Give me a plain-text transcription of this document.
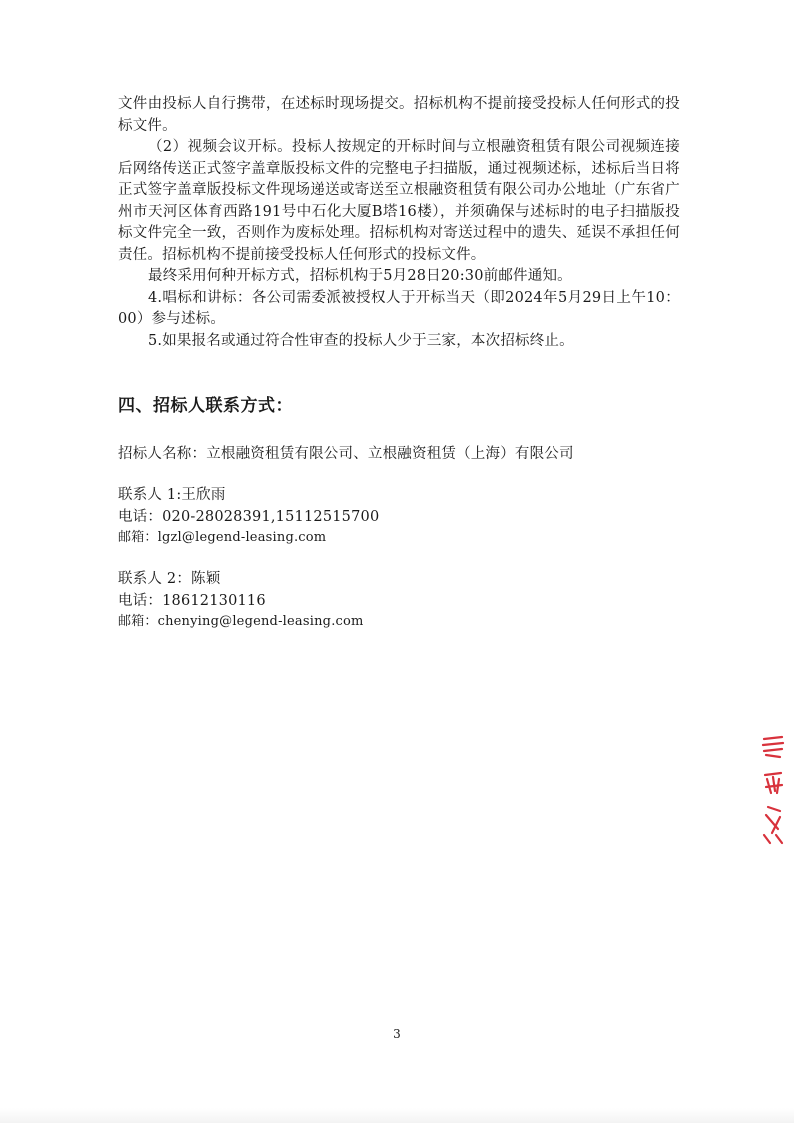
文件由投标人自行携带，在述标时现场提交。招标机构不提前接受投标人任何形式的投标文件。

（2）视频会议开标。投标人按规定的开标时间与立根融资租赁有限公司视频连接后网络传送正式签字盖章版投标文件的完整电子扫描版，通过视频述标，述标后当日将正式签字盖章版投标文件现场递送或寄送至立根融资租赁有限公司办公地址（广东省广州市天河区体育西路191号中石化大厦B塔16楼），并须确保与述标时的电子扫描版投标文件完全一致，否则作为废标处理。招标机构对寄送过程中的遗失、延误不承担任何责任。招标机构不提前接受投标人任何形式的投标文件。

最终采用何种开标方式，招标机构于5月28日20:30前邮件通知。

4.唱标和讲标：各公司需委派被授权人于开标当天（即2024年5月29日上午10：00）参与述标。

5.如果报名或通过符合性审查的投标人少于三家，本次招标终止。

四、招标人联系方式：
招标人名称：立根融资租赁有限公司、立根融资租赁（上海）有限公司
联系人 1:王欣雨
电话：020-28028391,15112515700
邮箱：lgzl@legend-leasing.com
联系人 2：陈颖
电话：18612130116
邮箱：chenying@legend-leasing.com
3
